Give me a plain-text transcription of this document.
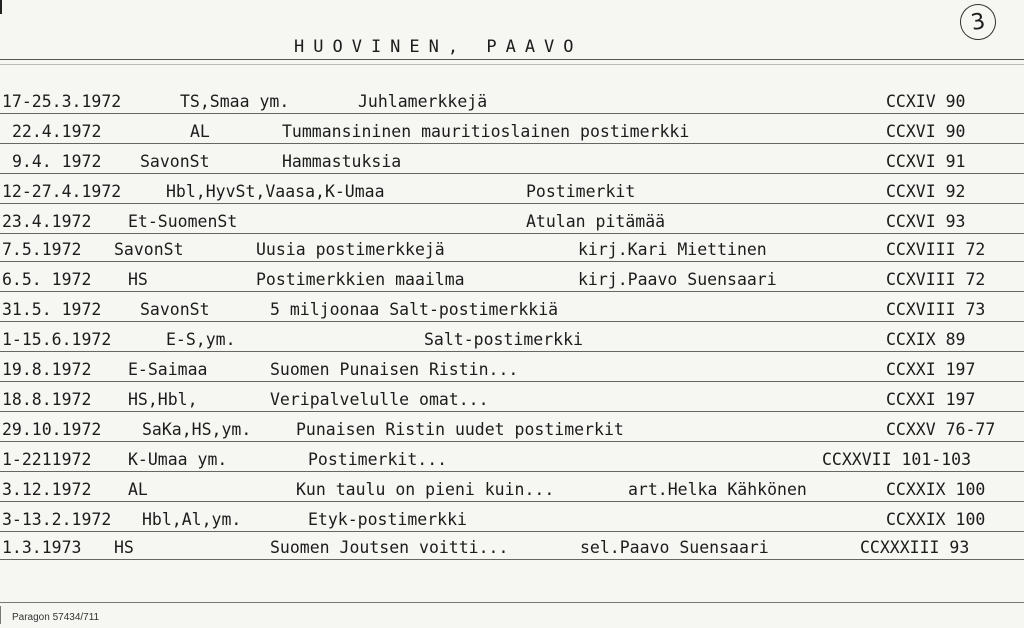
HUOVINEN, PAAVO
3
17-25.3.1972	TS,Smaa ym.	Juhlamerkkejä	CCXIV 90
22.4.1972	AL	Tummansininen mauritioslainen postimerkki	CCXVI 90
9.4. 1972 SavonSt	Hammastuksia	CCXVI 91
12-27.4.1972	Hbl,HyvSt,Vaasa,K-Umaa	Postimerkit	CCXVI 92
23.4.1972 Et-SuomenSt	Atulan pitämää	CCXVI 93
7.5.1972 SavonSt	Uusia postimerkkejä	kirj.Kari Miettinen	CCXVIII 72
6.5. 1972 HS	Postimerkkien maailma	kirj.Paavo Suensaari	CCXVIII 72
31.5. 1972 SavonSt	5 miljoonaa Salt-postimerkkiä	CCXVIII 73
1-15.6.1972	E-S,ym.	Salt-postimerkki	CCXIX 89
19.8.1972 E-Saimaa	Suomen Punaisen Ristin...	CCXXI 197
18.8.1972 HS,Hbl,	Veripalvelulle omat...	CCXXI 197
29.10.1972 SaKa,HS,ym.	Punaisen Ristin uudet postimerkit	CCXXV 76-77
1-2211972 K-Umaa ym.	Postimerkit...	CCXXVII 101-103
3.12.1972 AL	Kun taulu on pieni kuin...	art.Helka Kähkönen	CCXXIX 100
3-13.2.1972 Hbl,Al,ym.	Etyk-postimerkki	CCXXIX 100
1.3.1973 HS	Suomen Joutsen voitti...	sel.Paavo Suensaari	CCXXXIII 93
Paragon 57434/711
